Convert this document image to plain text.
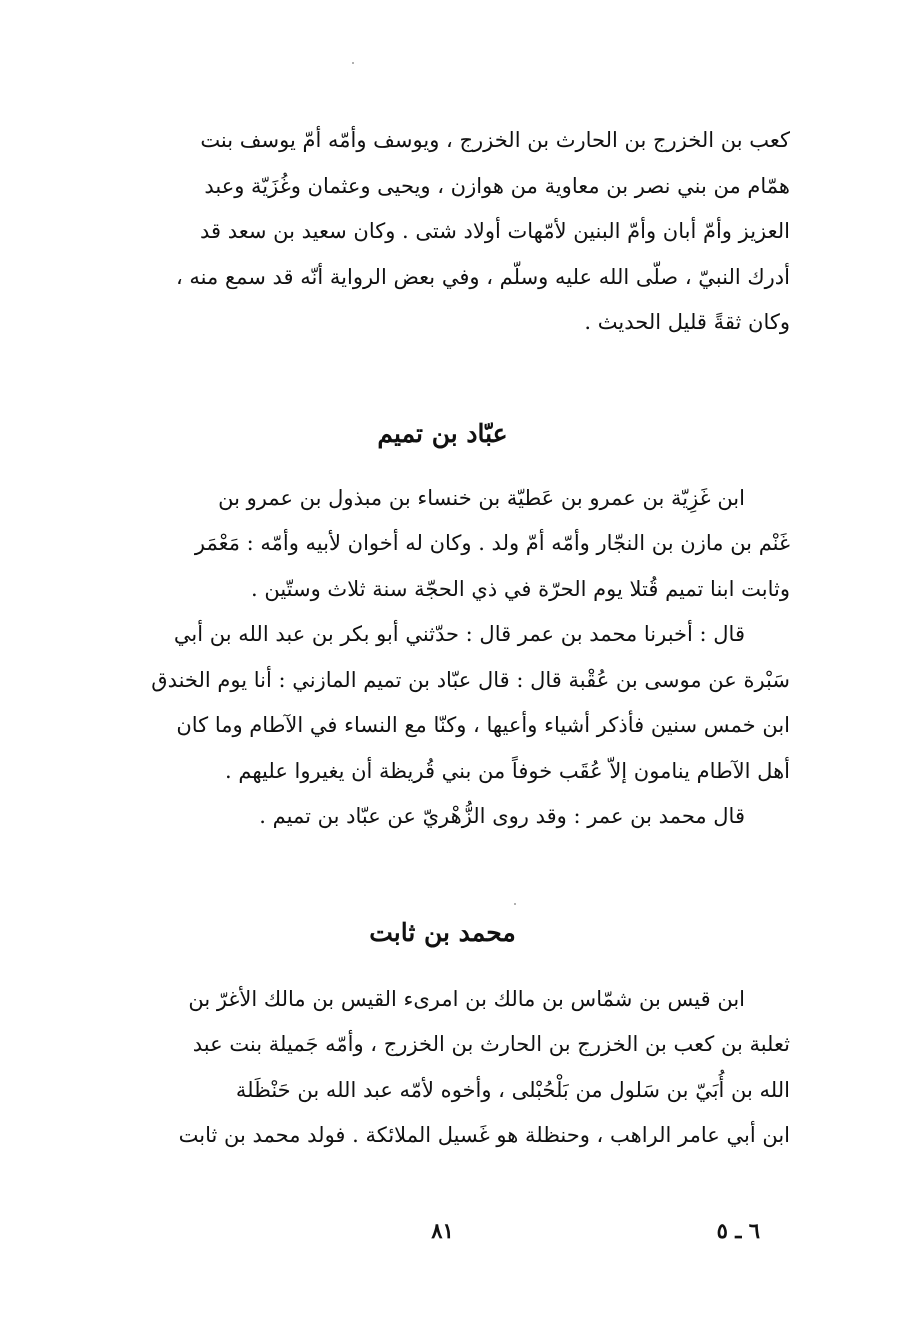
كعب بن الخزرج بن الحارث بن الخزرج ، ويوسف وأمّه أمّ يوسف بنت
همّام من بني نصر بن معاوية من هوازن ، ويحيى وعثمان وغُزَيّة وعبد
العزيز وأمّ أبان وأمّ البنين لأمّهات أولاد شتى . وكان سعيد بن سعد قد
أدرك النبيّ ، صلّى الله عليه وسلّم ، وفي بعض الرواية أنّه قد سمع منه ،
وكان ثقةً قليل الحديث .

عبّاد بن تميم

ابن غَزِيّة بن عمرو بن عَطيّة بن خنساء بن مبذول بن عمرو بن
غَنْم بن مازن بن النجّار وأمّه أمّ ولد . وكان له أخوان لأبيه وأمّه : مَعْمَر
وثابت ابنا تميم قُتلا يوم الحرّة في ذي الحجّة سنة ثلاث وستّين .

قال : أخبرنا محمد بن عمر قال : حدّثني أبو بكر بن عبد الله بن أبي
سَبْرة عن موسى بن عُقْبة قال : قال عبّاد بن تميم المازني : أنا يوم الخندق
ابن خمس سنين فأذكر أشياء وأعيها ، وكنّا مع النساء في الآطام وما كان
أهل الآطام ينامون إلاّ عُقَب خوفاً من بني قُريظة أن يغيروا عليهم .

قال محمد بن عمر : وقد روى الزُّهْريّ عن عبّاد بن تميم .

محمد بن ثابت

ابن قيس بن شمّاس بن مالك بن امرىء القيس بن مالك الأغرّ بن
ثعلبة بن كعب بن الخزرج بن الحارث بن الخزرج ، وأمّه جَميلة بنت عبد
الله بن أُبَيّ بن سَلول من بَلْحُبْلى ، وأخوه لأمّه عبد الله بن حَنْظَلة
ابن أبي عامر الراهب ، وحنظلة هو غَسيل الملائكة . فولد محمد بن ثابت

٦ ـ ٥
٨١
